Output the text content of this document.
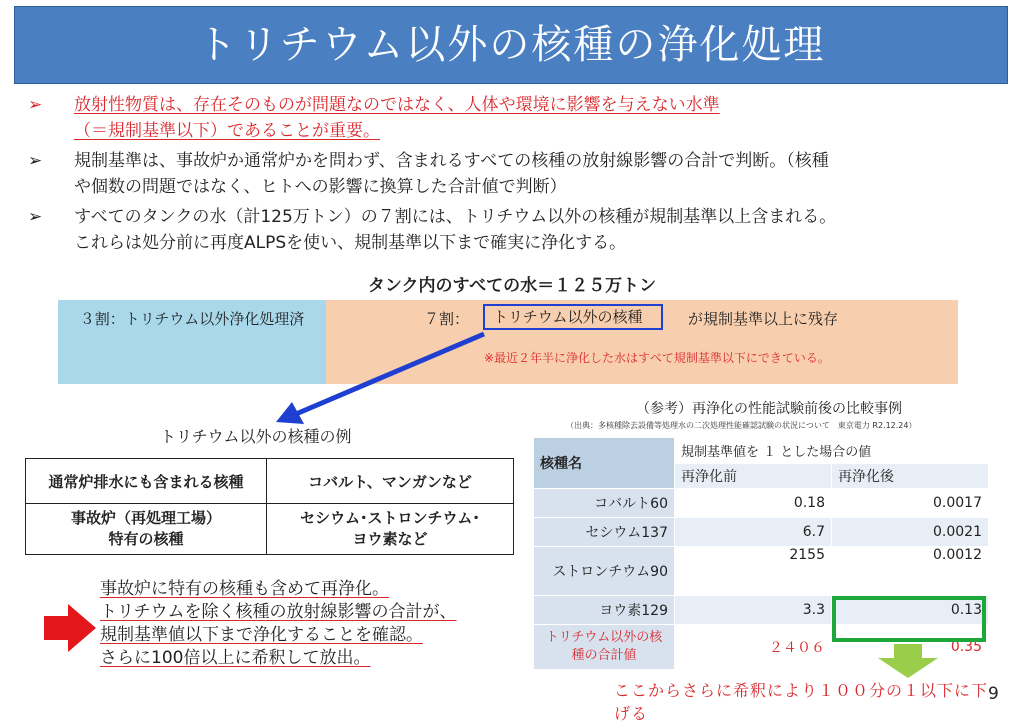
トリチウム以外の核種の浄化処理
➢ 放射性物質は、存在そのものが問題なのではなく、人体や環境に影響を与えない水準
（＝規制基準以下）であることが重要。
➢ 規制基準は、事故炉か通常炉かを問わず、含まれるすべての核種の放射線影響の合計で判断。（核種
や個数の問題ではなく、ヒトへの影響に換算した合計値で判断）
➢ すべてのタンクの水（計125万トン）の７割には、トリチウム以外の核種が規制基準以上含まれる。
これらは処分前に再度ALPSを使い、規制基準以下まで確実に浄化する。
タンク内のすべての水＝１２５万トン
３割：トリチウム以外浄化処理済	７割：	トリチウム以外の核種	が規制基準以上に残存
※最近２年半に浄化した水はすべて規制基準以下にできている。
トリチウム以外の核種の例
通常炉排水にも含まれる核種	コバルト、マンガンなど
事故炉（再処理工場）
特有の核種	セシウム･ストロンチウム･
ヨウ素など
（参考）再浄化の性能試験前後の比較事例
（出典：多核種除去設備等処理水の二次処理性能確認試験の状況について　東京電力 R2.12.24）
核種名	規制基準値を １ とした場合の値	
	再浄化前	再浄化後
コバルト60	0.18	0.0017
セシウム137	6.7	0.0021
ストロンチウム90	2155	0.0012
ヨウ素129	3.3	0.13
トリチウム以外の核種の合計値	２４０６	0.35
事故炉に特有の核種も含めて再浄化。
トリチウムを除く核種の放射線影響の合計が、
規制基準値以下まで浄化することを確認。
さらに100倍以上に希釈して放出。
ここからさらに希釈により１００分の１以下に下げる
9
